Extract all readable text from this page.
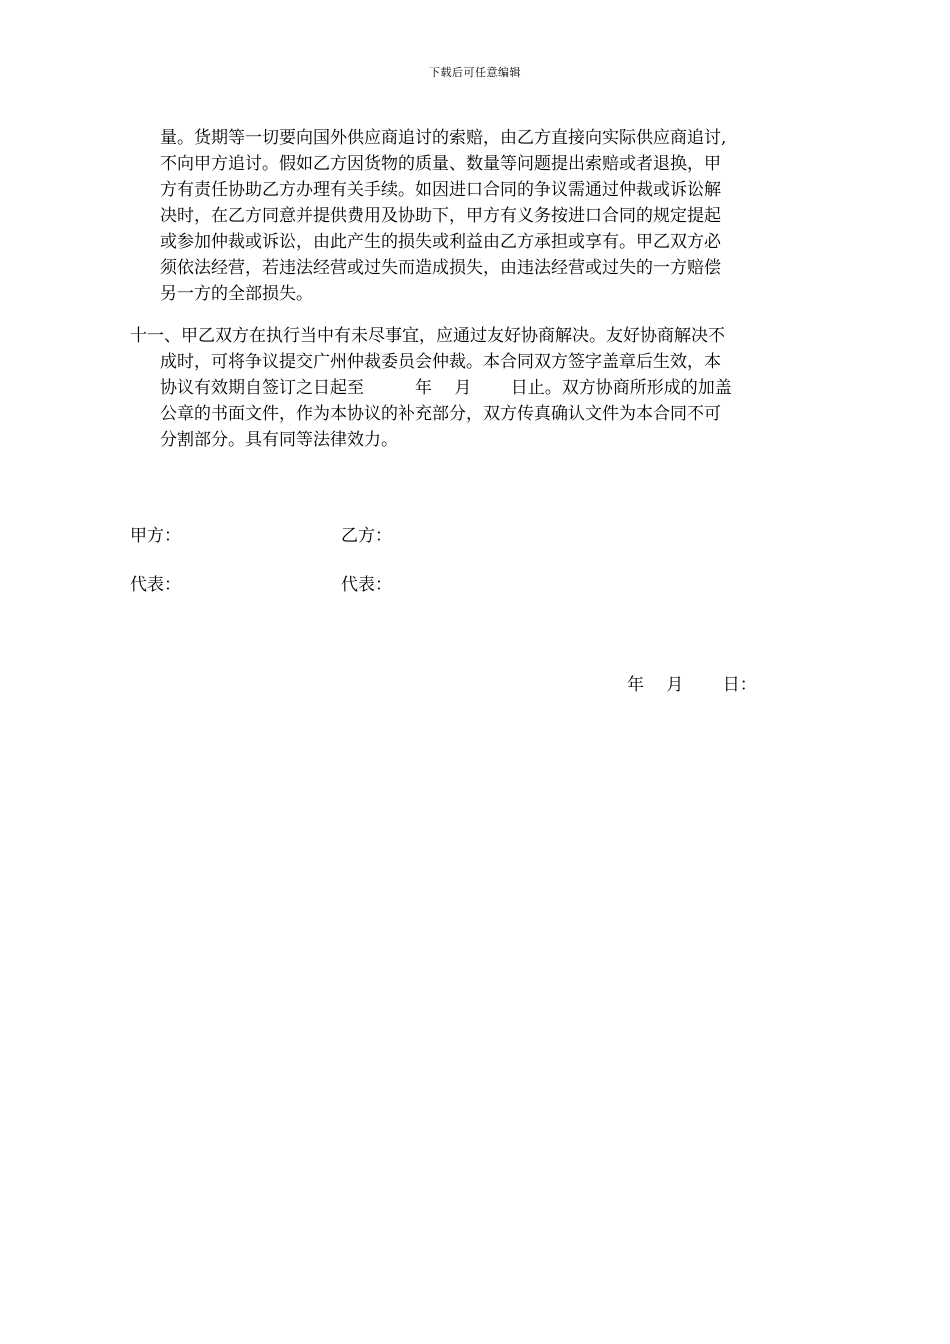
下载后可任意编辑
量。货期等一切要向国外供应商追讨的索赔，由乙方直接向实际供应商追讨,
不向甲方追讨。假如乙方因货物的质量、数量等问题提出索赔或者退换，甲
方有责任协助乙方办理有关手续。如因进口合同的争议需通过仲裁或诉讼解
决时，在乙方同意并提供费用及协助下，甲方有义务按进口合同的规定提起
或参加仲裁或诉讼，由此产生的损失或利益由乙方承担或享有。甲乙双方必
须依法经营，若违法经营或过失而造成损失，由违法经营或过失的一方赔偿
另一方的全部损失。
十一、甲乙双方在执行当中有未尽事宜，应通过友好协商解决。友好协商解决不
成时，可将争议提交广州仲裁委员会仲裁。本合同双方签字盖章后生效，本
协议有效期自签订之日起至　　　年　 月　　 日止。双方协商所形成的加盖
公章的书面文件，作为本协议的补充部分，双方传真确认文件为本合同不可
分割部分。具有同等法律效力。
甲方：	乙方：
代表：	代表：
年　 月　　 日：
